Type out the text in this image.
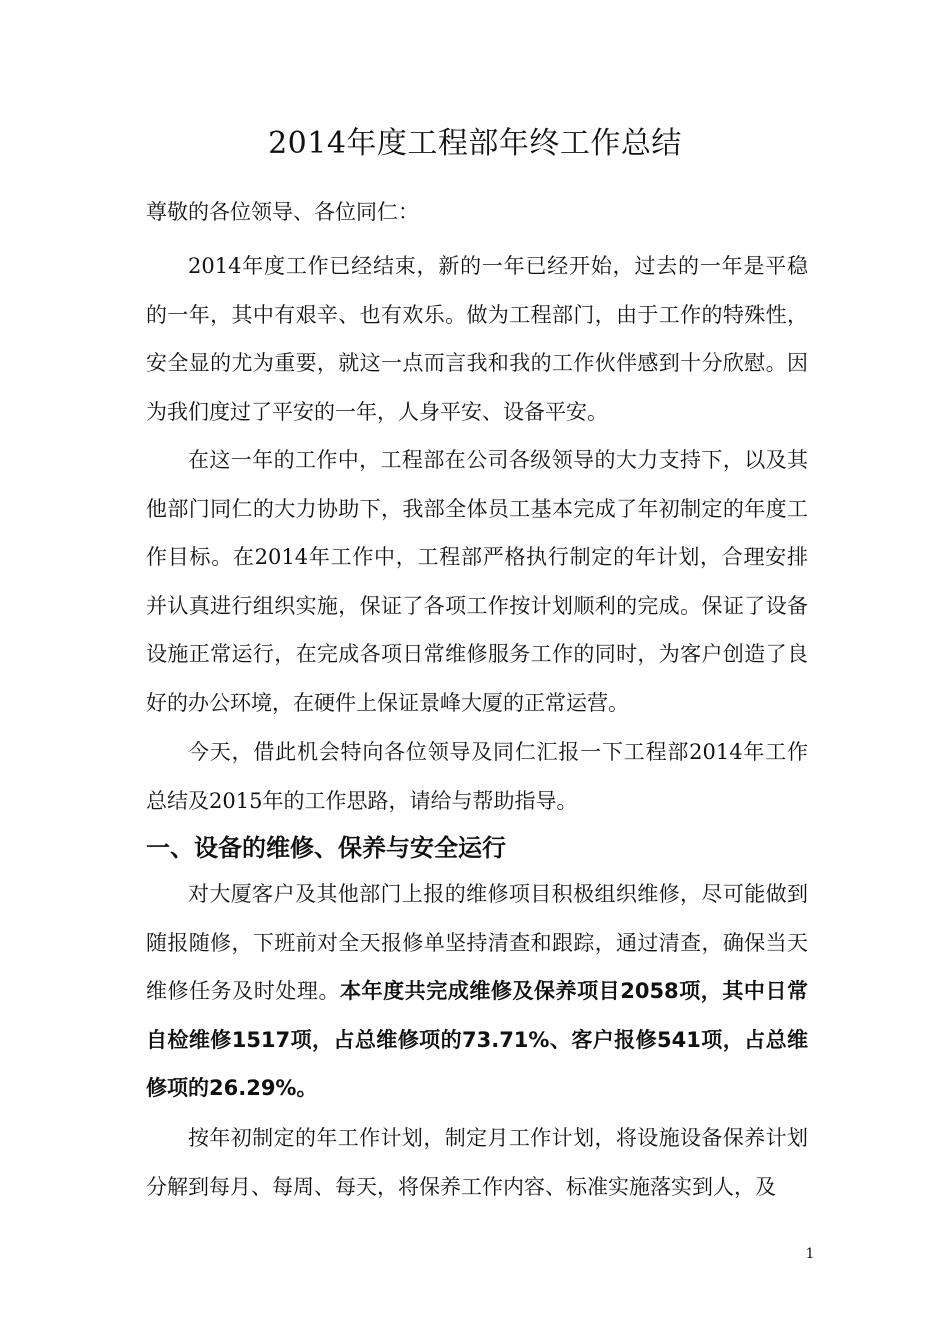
2014年度工程部年终工作总结
尊敬的各位领导、各位同仁：

2014年度工作已经结束，新的一年已经开始，过去的一年是平稳的一年，其中有艰辛、也有欢乐。做为工程部门，由于工作的特殊性，安全显的尤为重要，就这一点而言我和我的工作伙伴感到十分欣慰。因为我们度过了平安的一年，人身平安、设备平安。

在这一年的工作中，工程部在公司各级领导的大力支持下，以及其他部门同仁的大力协助下，我部全体员工基本完成了年初制定的年度工作目标。在2014年工作中，工程部严格执行制定的年计划，合理安排并认真进行组织实施，保证了各项工作按计划顺利的完成。保证了设备设施正常运行，在完成各项日常维修服务工作的同时，为客户创造了良好的办公环境，在硬件上保证景峰大厦的正常运营。

今天，借此机会特向各位领导及同仁汇报一下工程部2014年工作总结及2015年的工作思路，请给与帮助指导。

一、设备的维修、保养与安全运行

对大厦客户及其他部门上报的维修项目积极组织维修，尽可能做到随报随修，下班前对全天报修单坚持清查和跟踪，通过清查，确保当天维修任务及时处理。本年度共完成维修及保养项目2058项，其中日常自检维修1517项，占总维修项的73.71%、客户报修541项，占总维修项的26.29%。

按年初制定的年工作计划，制定月工作计划，将设施设备保养计划分解到每月、每周、每天，将保养工作内容、标准实施落实到人，及

1
